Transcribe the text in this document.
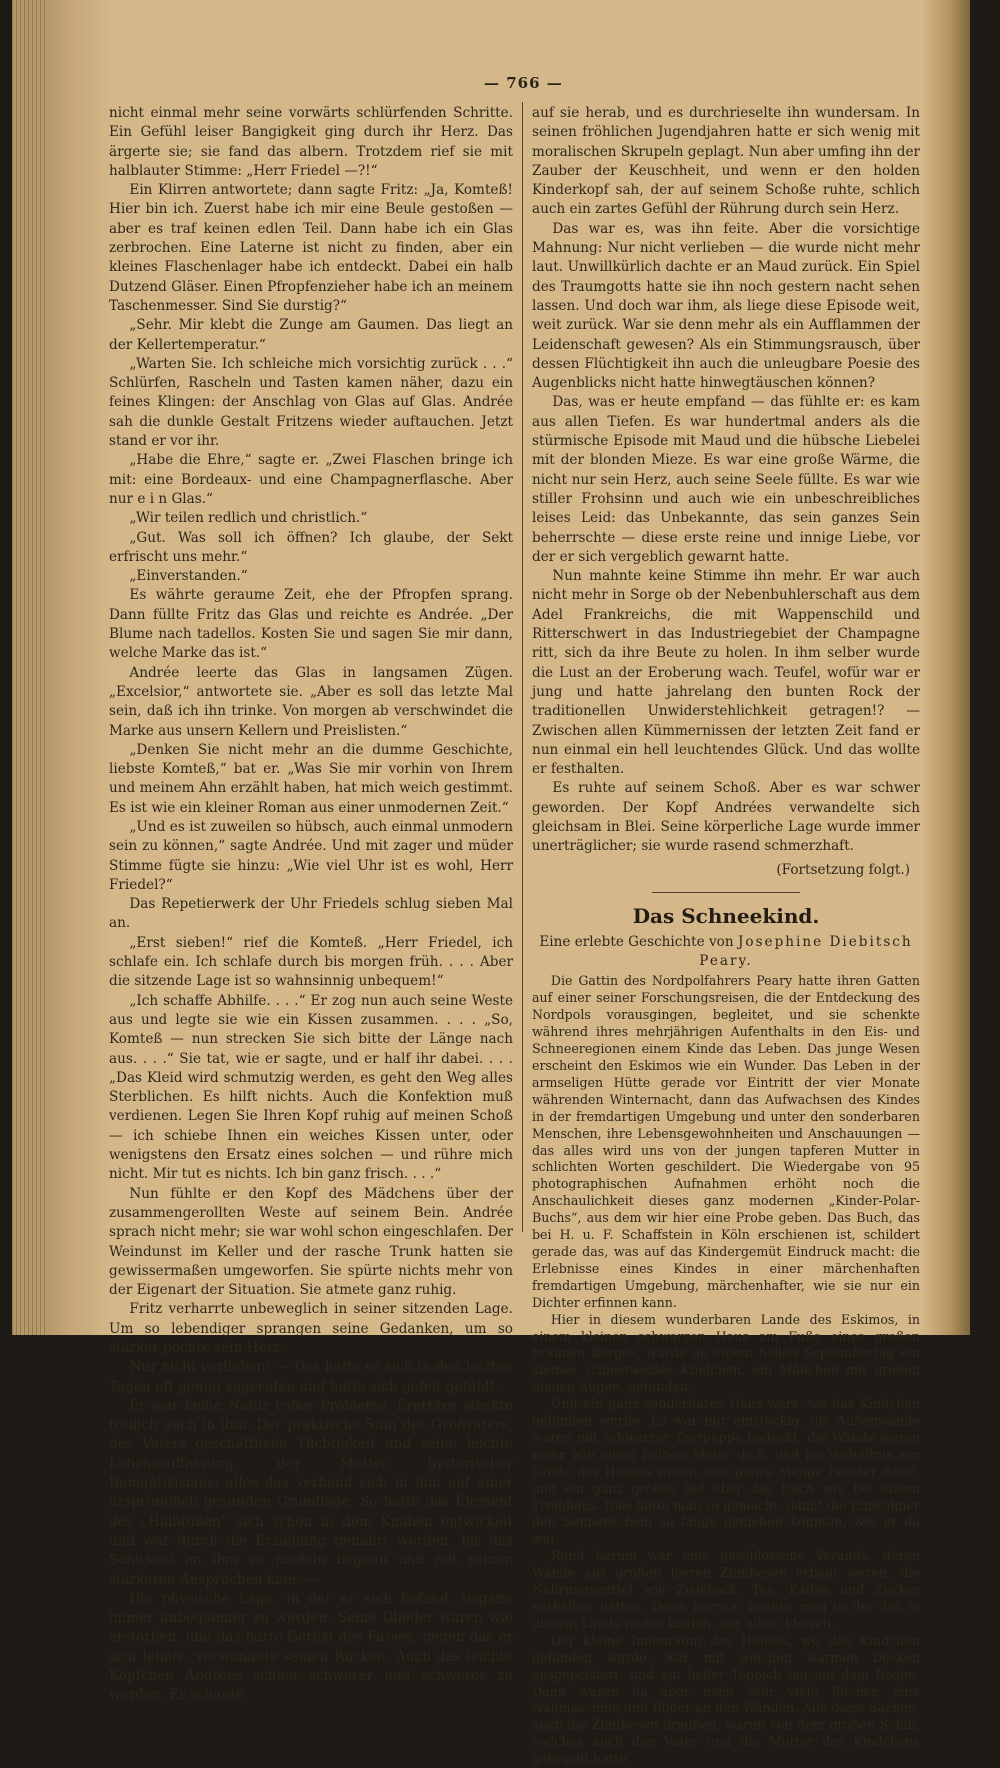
— 766 —

nicht einmal mehr seine vorwärts schlürfenden Schritte. Ein Gefühl leiser Bangigkeit ging durch ihr Herz. Das ärgerte sie; sie fand das albern. Trotzdem rief sie mit halblauter Stimme: „Herr Friedel —?!“

Ein Klirren antwortete; dann sagte Fritz: „Ja, Komteß! Hier bin ich. Zuerst habe ich mir eine Beule gestoßen — aber es traf keinen edlen Teil. Dann habe ich ein Glas zerbrochen. Eine Laterne ist nicht zu finden, aber ein kleines Flaschenlager habe ich entdeckt. Dabei ein halb Dutzend Gläser. Einen Pfropfenzieher habe ich an meinem Taschenmesser. Sind Sie durstig?“

„Sehr. Mir klebt die Zunge am Gaumen. Das liegt an der Kellertemperatur.“

„Warten Sie. Ich schleiche mich vorsichtig zurück . . .“ Schlürfen, Rascheln und Tasten kamen näher, dazu ein feines Klingen: der Anschlag von Glas auf Glas. Andrée sah die dunkle Gestalt Fritzens wieder auftauchen. Jetzt stand er vor ihr.

„Habe die Ehre,“ sagte er. „Zwei Flaschen bringe ich mit: eine Bordeaux- und eine Champagnerflasche. Aber nur e i n Glas.“

„Wir teilen redlich und christlich.“

„Gut. Was soll ich öffnen? Ich glaube, der Sekt erfrischt uns mehr.“

„Einverstanden.“

Es währte geraume Zeit, ehe der Pfropfen sprang. Dann füllte Fritz das Glas und reichte es Andrée. „Der Blume nach tadellos. Kosten Sie und sagen Sie mir dann, welche Marke das ist.“

Andrée leerte das Glas in langsamen Zügen. „Excelsior,“ antwortete sie. „Aber es soll das letzte Mal sein, daß ich ihn trinke. Von morgen ab verschwindet die Marke aus unsern Kellern und Preislisten.“

„Denken Sie nicht mehr an die dumme Geschichte, liebste Komteß,“ bat er. „Was Sie mir vorhin von Ihrem und meinem Ahn erzählt haben, hat mich weich gestimmt. Es ist wie ein kleiner Roman aus einer unmodernen Zeit.“

„Und es ist zuweilen so hübsch, auch einmal unmodern sein zu können,“ sagte Andrée. Und mit zager und müder Stimme fügte sie hinzu: „Wie viel Uhr ist es wohl, Herr Friedel?“

Das Repetierwerk der Uhr Friedels schlug sieben Mal an.

„Erst sieben!“ rief die Komteß. „Herr Friedel, ich schlafe ein. Ich schlafe durch bis morgen früh. . . . Aber die sitzende Lage ist so wahnsinnig unbequem!“

„Ich schaffe Abhilfe. . . .“ Er zog nun auch seine Weste aus und legte sie wie ein Kissen zusammen. . . . „So, Komteß — nun strecken Sie sich bitte der Länge nach aus. . . .“ Sie tat, wie er sagte, und er half ihr dabei. . . . „Das Kleid wird schmutzig werden, es geht den Weg alles Sterblichen. Es hilft nichts. Auch die Konfektion muß verdienen. Legen Sie Ihren Kopf ruhig auf meinen Schoß — ich schiebe Ihnen ein weiches Kissen unter, oder wenigstens den Ersatz eines solchen — und rühre mich nicht. Mir tut es nichts. Ich bin ganz frisch. . . .“

Nun fühlte er den Kopf des Mädchens über der zusammengerollten Weste auf seinem Bein. Andrée sprach nicht mehr; sie war wohl schon eingeschlafen. Der Weindunst im Keller und der rasche Trunk hatten sie gewissermaßen umgeworfen. Sie spürte nichts mehr von der Eigenart der Situation. Sie atmete ganz ruhig.

Fritz verharrte unbeweglich in seiner sitzenden Lage. Um so lebendiger sprangen seine Gedanken, um so stärker pochte sein Herz.

Nur nicht verlieben! — Das hatte er sich in den letzten Tagen oft genug zugerufen und hatte sich gefeit gefühlt.

Er war keine Natur voller Probleme. Ererbtes steckte freilich auch in ihm. Der praktische Sinn des Großvaters, des Vaters geschäftliche Tüchtigkeit und seine leichte Lebensauffassung, der Mutter hysterischer Romantizismus: alles das verband sich in ihm auf einer ursprünglich gesunden Grundlage. So hatte das Element des „Halbfüßen“ sich schon in dem Knaben entwickelt und war durch die Erziehung genährt worden, bis das Schicksal an ihm zu modeln begann und mit seinen stärkeren Ansprüchen kam. —

Die physische Lage, in der er sich befand, begann immer unbequemer zu werden. Seine Glieder waren wie erstorben, und das harte Gerüst des Fasses, gegen das er sich lehnte, verwundete seinen Rücken. Auch das leichte Köpfchen Andrées schien schwerer und schwerer zu werden. Er schaute

auf sie herab, und es durchrieselte ihn wundersam. In seinen fröhlichen Jugendjahren hatte er sich wenig mit moralischen Skrupeln geplagt. Nun aber umfing ihn der Zauber der Keuschheit, und wenn er den holden Kinderkopf sah, der auf seinem Schoße ruhte, schlich auch ein zartes Gefühl der Rührung durch sein Herz.

Das war es, was ihn feite. Aber die vorsichtige Mahnung: Nur nicht verlieben — die wurde nicht mehr laut. Unwillkürlich dachte er an Maud zurück. Ein Spiel des Traumgotts hatte sie ihn noch gestern nacht sehen lassen. Und doch war ihm, als liege diese Episode weit, weit zurück. War sie denn mehr als ein Aufflammen der Leidenschaft gewesen? Als ein Stimmungsrausch, über dessen Flüchtigkeit ihn auch die unleugbare Poesie des Augenblicks nicht hatte hinwegtäuschen können?

Das, was er heute empfand — das fühlte er: es kam aus allen Tiefen. Es war hundertmal anders als die stürmische Episode mit Maud und die hübsche Liebelei mit der blonden Mieze. Es war eine große Wärme, die nicht nur sein Herz, auch seine Seele füllte. Es war wie stiller Frohsinn und auch wie ein unbeschreibliches leises Leid: das Unbekannte, das sein ganzes Sein beherrschte — diese erste reine und innige Liebe, vor der er sich vergeblich gewarnt hatte.

Nun mahnte keine Stimme ihn mehr. Er war auch nicht mehr in Sorge ob der Nebenbuhlerschaft aus dem Adel Frankreichs, die mit Wappenschild und Ritterschwert in das Industriegebiet der Champagne ritt, sich da ihre Beute zu holen. In ihm selber wurde die Lust an der Eroberung wach. Teufel, wofür war er jung und hatte jahrelang den bunten Rock der traditionellen Unwiderstehlichkeit getragen!? — Zwischen allen Kümmernissen der letzten Zeit fand er nun einmal ein hell leuchtendes Glück. Und das wollte er festhalten.

Es ruhte auf seinem Schoß. Aber es war schwer geworden. Der Kopf Andrées verwandelte sich gleichsam in Blei. Seine körperliche Lage wurde immer unerträglicher; sie wurde rasend schmerzhaft.

(Fortsetzung folgt.)

Das Schneekind.

Eine erlebte Geschichte von Josephine Diebitsch Peary.

Die Gattin des Nordpolfahrers Peary hatte ihren Gatten auf einer seiner Forschungsreisen, die der Entdeckung des Nordpols vorausgingen, begleitet, und sie schenkte während ihres mehrjährigen Aufenthalts in den Eis- und Schneeregionen einem Kinde das Leben. Das junge Wesen erscheint den Eskimos wie ein Wunder. Das Leben in der armseligen Hütte gerade vor Eintritt der vier Monate währenden Winternacht, dann das Aufwachsen des Kindes in der fremdartigen Umgebung und unter den sonderbaren Menschen, ihre Lebensgewohnheiten und Anschauungen — das alles wird uns von der jungen tapferen Mutter in schlichten Worten geschildert. Die Wiedergabe von 95 photographischen Aufnahmen erhöht noch die Anschaulichkeit dieses ganz modernen „Kinder-Polar-Buchs“, aus dem wir hier eine Probe geben. Das Buch, das bei H. u. F. Schaffstein in Köln erschienen ist, schildert gerade das, was auf das Kindergemüt Eindruck macht: die Erlebnisse eines Kindes in einer märchenhaften fremdartigen Umgebung, märchenhafter, wie sie nur ein Dichter erfinnen kann.

Hier in diesem wunderbaren Lande des Eskimos, in einem kleinen schwarzen Haus am Fuße eines großen braunen Berges, wurde an einem hellen Septembertag ein kleines schneeweißes Kindchen, ein Mädchen mit großen blauen Augen, gefunden.

Und ein ganz sonderbares Haus wars, wo das Kindchen gefunden wurde. Es war nur einstöckig, die Außenwände waren mit schwarzer Teerpappe bedeckt, die Wände waren mehr wie einen halben Meter dick, und im Verhältnis zur Größe des Hauses waren eine ganze Menge Fenster darin, und ein ganz großes lief über das Dach wie bei einem Treibhaus. Dies hatte man so gemacht, damit die Einwohner den Sonnenschein so lange genießen könnten, wie er da war.

Rund herum war eine geschlossene Veranda, deren Wände aus großen leeren Zinnbosen erbaut waren, die Nahrungsmittel wie Zwieback, Tee, Kaffee und Zucker enthalten hatten. Denn hiervon konnte man in der Tat in diesem Lande nichts kaufen, nur allein Fleisch.

Der kleine Innenraum des Hauses, wo das Kindchen gefunden wurde, war mit weichen warmen Decken ausgepolstert, und ein heller Teppich lag auf dem Boden. Dann waren da aber noch sehr viele Bücher, eine Nähmaschine und Bilder an den Wänden. Alle diese Sachen, auch die Zinnbosen draußen, waren von dem großen Schiff, welches auch den Vater und die Mutter des Kindchens gebracht hatte.
